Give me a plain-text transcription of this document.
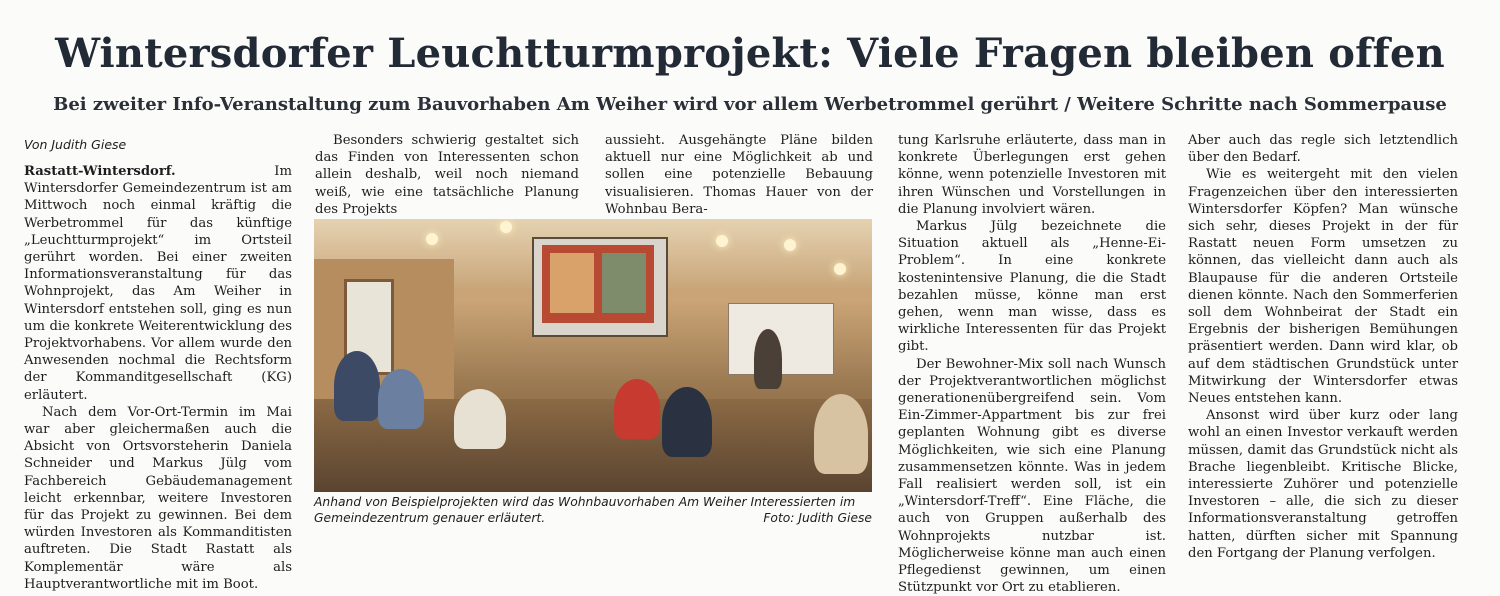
Wintersdorfer Leuchtturmprojekt: Viele Fragen bleiben offen
Bei zweiter Info-Veranstaltung zum Bauvorhaben Am Weiher wird vor allem Werbetrommel gerührt / Weitere Schritte nach Sommerpause
Von Judith Giese

Rastatt-Wintersdorf. Im Wintersdorfer Gemeindezentrum ist am Mittwoch noch einmal kräftig die Werbetrommel für das künftige „Leuchtturmprojekt“ im Ortsteil gerührt worden. Bei einer zweiten Informationsveranstaltung für das Wohnprojekt, das Am Weiher in Wintersdorf entstehen soll, ging es nun um die konkrete Weiterentwicklung des Projektvorhabens. Vor allem wurde den Anwesenden nochmal die Rechtsform der Kommanditgesellschaft (KG) erläutert.

Nach dem Vor-Ort-Termin im Mai war aber gleichermaßen auch die Absicht von Ortsvorsteherin Daniela Schneider und Markus Jülg vom Fachbereich Gebäudemanagement leicht erkennbar, weitere Investoren für das Projekt zu gewinnen. Bei dem würden Investoren als Kommanditisten auftreten. Die Stadt Rastatt als Komplementär wäre als Hauptverantwortliche mit im Boot.

Besonders schwierig gestaltet sich das Finden von Interessenten schon allein deshalb, weil noch niemand weiß, wie eine tatsächliche Planung des Projekts

aussieht. Ausgehängte Pläne bilden aktuell nur eine Möglichkeit ab und sollen eine potenzielle Bebauung visualisieren. Thomas Hauer von der Wohnbau Bera-

Anhand von Beispielprojekten wird das Wohnbauvorhaben Am Weiher Interessierten im Gemeindezentrum genauer erläutert.	Foto: Judith Giese

tung Karlsruhe erläuterte, dass man in konkrete Überlegungen erst gehen könne, wenn potenzielle Investoren mit ihren Wünschen und Vorstellungen in die Planung involviert wären.

Markus Jülg bezeichnete die Situation aktuell als „Henne-Ei-Problem“. In eine konkrete kostenintensive Planung, die die Stadt bezahlen müsse, könne man erst gehen, wenn man wisse, dass es wirkliche Interessenten für das Projekt gibt.

Der Bewohner-Mix soll nach Wunsch der Projektverantwortlichen möglichst generationenübergreifend sein. Vom Ein-Zimmer-Appartment bis zur frei geplanten Wohnung gibt es diverse Möglichkeiten, wie sich eine Planung zusammensetzen könnte. Was in jedem Fall realisiert werden soll, ist ein „Wintersdorf-Treff“. Eine Fläche, die auch von Gruppen außerhalb des Wohnprojekts nutzbar ist. Möglicherweise könne man auch einen Pflegedienst gewinnen, um einen Stützpunkt vor Ort zu etablieren.

Aber auch das regle sich letztendlich über den Bedarf.

Wie es weitergeht mit den vielen Fragenzeichen über den interessierten Wintersdorfer Köpfen? Man wünsche sich sehr, dieses Projekt in der für Rastatt neuen Form umsetzen zu können, das vielleicht dann auch als Blaupause für die anderen Ortsteile dienen könnte. Nach den Sommerferien soll dem Wohnbeirat der Stadt ein Ergebnis der bisherigen Bemühungen präsentiert werden. Dann wird klar, ob auf dem städtischen Grundstück unter Mitwirkung der Wintersdorfer etwas Neues entstehen kann.

Ansonst wird über kurz oder lang wohl an einen Investor verkauft werden müssen, damit das Grundstück nicht als Brache liegenbleibt. Kritische Blicke, interessierte Zuhörer und potenzielle Investoren – alle, die sich zu dieser Informationsveranstaltung getroffen hatten, dürften sicher mit Spannung den Fortgang der Planung verfolgen.
